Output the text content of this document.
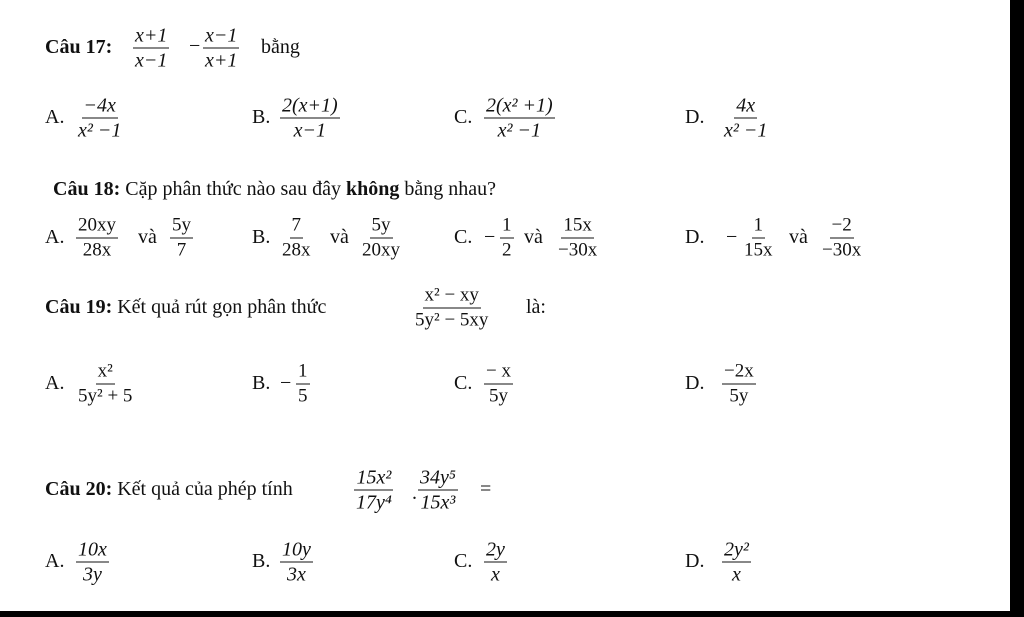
Câu 17: $\frac{x+1}{x-1} - \frac{x-1}{x+1}$ bằng
A. $\frac{-4x}{\text{x² −1}}$	B. $\frac{2(x+1)}{x-1}$	C. $\frac{\text{2(x² +1)}}{\text{x² −1}}$	D. $\frac{4x}{\text{x² −1}}$
Câu 18: Cặp phân thức nào sau đây không bằng nhau?
A. $\frac{20xy}{28x}$ và $\frac{5y}{7}$	B. $\frac{7}{28x}$ và $\frac{5y}{20xy}$	C. − $\frac{1}{2}$ và $\frac{15x}{-30x}$	D. − $\frac{1}{15x}$ và $\frac{-2}{-30x}$
Câu 19: Kết quả rút gọn phân thức	$\frac{\text{x² − xy}}{\text{5y² − 5xy}}$ là:
A. $\frac{\text{x²}}{\text{5y² + 5}}$	B. − $\frac{1}{5}$	C. $\frac{- x}{5y}$	D. $\frac{-2x}{5y}$
Câu 20: Kết quả của phép tính	$\frac{\text{15x²}}{\text{17y⁴}}$ . $\frac{\text{34y⁵}}{\text{15x³}}$ =
A. $\frac{10x}{3y}$	B. $\frac{10y}{3x}$	C. $\frac{2y}{x}$	D. $\frac{\text{2y²}}{x}$
